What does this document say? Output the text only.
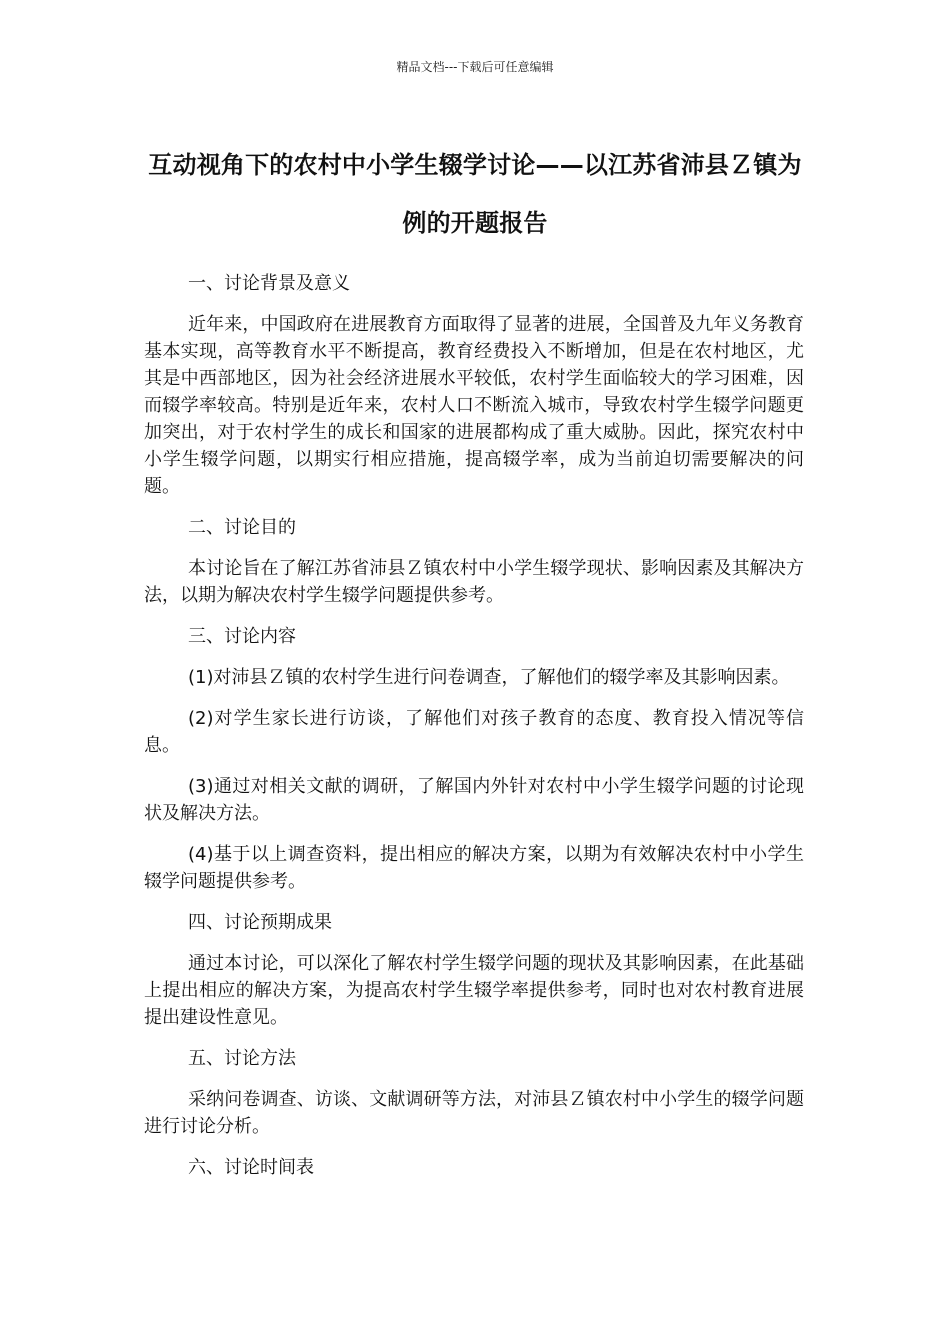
精品文档---下载后可任意编辑
互动视角下的农村中小学生辍学讨论——以江苏省沛县Ｚ镇为例的开题报告
一、讨论背景及意义

近年来，中国政府在进展教育方面取得了显著的进展，全国普及九年义务教育基本实现，高等教育水平不断提高，教育经费投入不断增加，但是在农村地区，尤其是中西部地区，因为社会经济进展水平较低，农村学生面临较大的学习困难，因而辍学率较高。特别是近年来，农村人口不断流入城市，导致农村学生辍学问题更加突出，对于农村学生的成长和国家的进展都构成了重大威胁。因此，探究农村中小学生辍学问题，以期实行相应措施，提高辍学率，成为当前迫切需要解决的问题。

二、讨论目的

本讨论旨在了解江苏省沛县Ｚ镇农村中小学生辍学现状、影响因素及其解决方法，以期为解决农村学生辍学问题提供参考。

三、讨论内容

(1)对沛县Ｚ镇的农村学生进行问卷调查，了解他们的辍学率及其影响因素。

(2)对学生家长进行访谈，了解他们对孩子教育的态度、教育投入情况等信息。

(3)通过对相关文献的调研，了解国内外针对农村中小学生辍学问题的讨论现状及解决方法。

(4)基于以上调查资料，提出相应的解决方案，以期为有效解决农村中小学生辍学问题提供参考。

四、讨论预期成果

通过本讨论，可以深化了解农村学生辍学问题的现状及其影响因素，在此基础上提出相应的解决方案，为提高农村学生辍学率提供参考，同时也对农村教育进展提出建设性意见。

五、讨论方法

采纳问卷调查、访谈、文献调研等方法，对沛县Ｚ镇农村中小学生的辍学问题进行讨论分析。

六、讨论时间表
